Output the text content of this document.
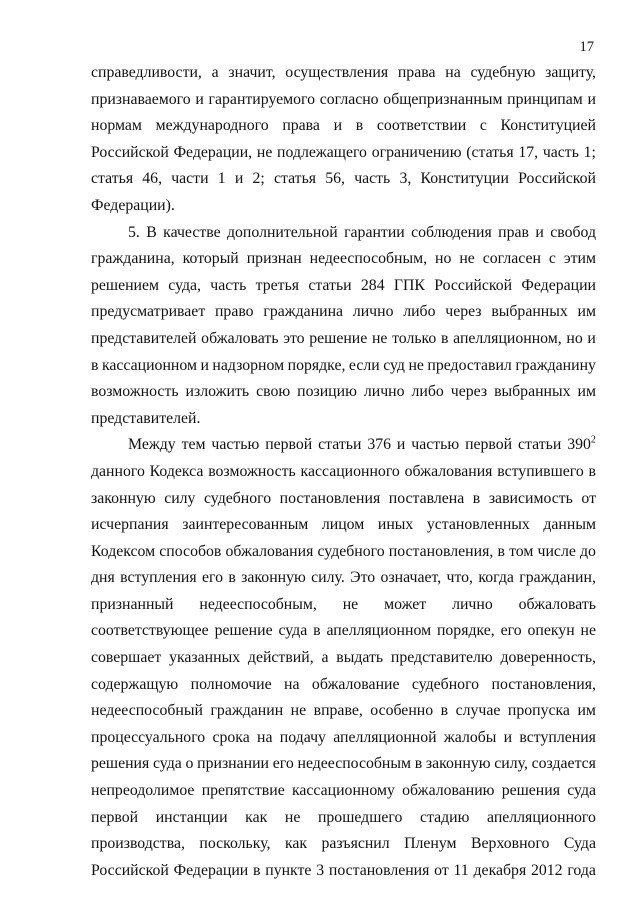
17
справедливости, а значит, осуществления права на судебную защиту,
признаваемого и гарантируемого согласно общепризнанным принципам и
нормам международного права и в соответствии с Конституцией
Российской Федерации, не подлежащего ограничению (статья 17, часть 1;
статья 46, части 1 и 2; статья 56, часть 3, Конституции Российской
Федерации).
5. В качестве дополнительной гарантии соблюдения прав и свобод
гражданина, который признан недееспособным, но не согласен с этим
решением суда, часть третья статьи 284 ГПК Российской Федерации
предусматривает право гражданина лично либо через выбранных им
представителей обжаловать это решение не только в апелляционном, но и
в кассационном и надзорном порядке, если суд не предоставил гражданину
возможность изложить свою позицию лично либо через выбранных им
представителей.
Между тем частью первой статьи 376 и частью первой статьи $390^2$
данного Кодекса возможность кассационного обжалования вступившего в
законную силу судебного постановления поставлена в зависимость от
исчерпания заинтересованным лицом иных установленных данным
Кодексом способов обжалования судебного постановления, в том числе до
дня вступления его в законную силу. Это означает, что, когда гражданин,
признанный недееспособным, не может лично обжаловать
соответствующее решение суда в апелляционном порядке, его опекун не
совершает указанных действий, а выдать представителю доверенность,
содержащую полномочие на обжалование судебного постановления,
недееспособный гражданин не вправе, особенно в случае пропуска им
процессуального срока на подачу апелляционной жалобы и вступления
решения суда о признании его недееспособным в законную силу, создается
непреодолимое препятствие кассационному обжалованию решения суда
первой инстанции как не прошедшего стадию апелляционного
производства, поскольку, как разъяснил Пленум Верховного Суда
Российской Федерации в пункте 3 постановления от 11 декабря 2012 года
